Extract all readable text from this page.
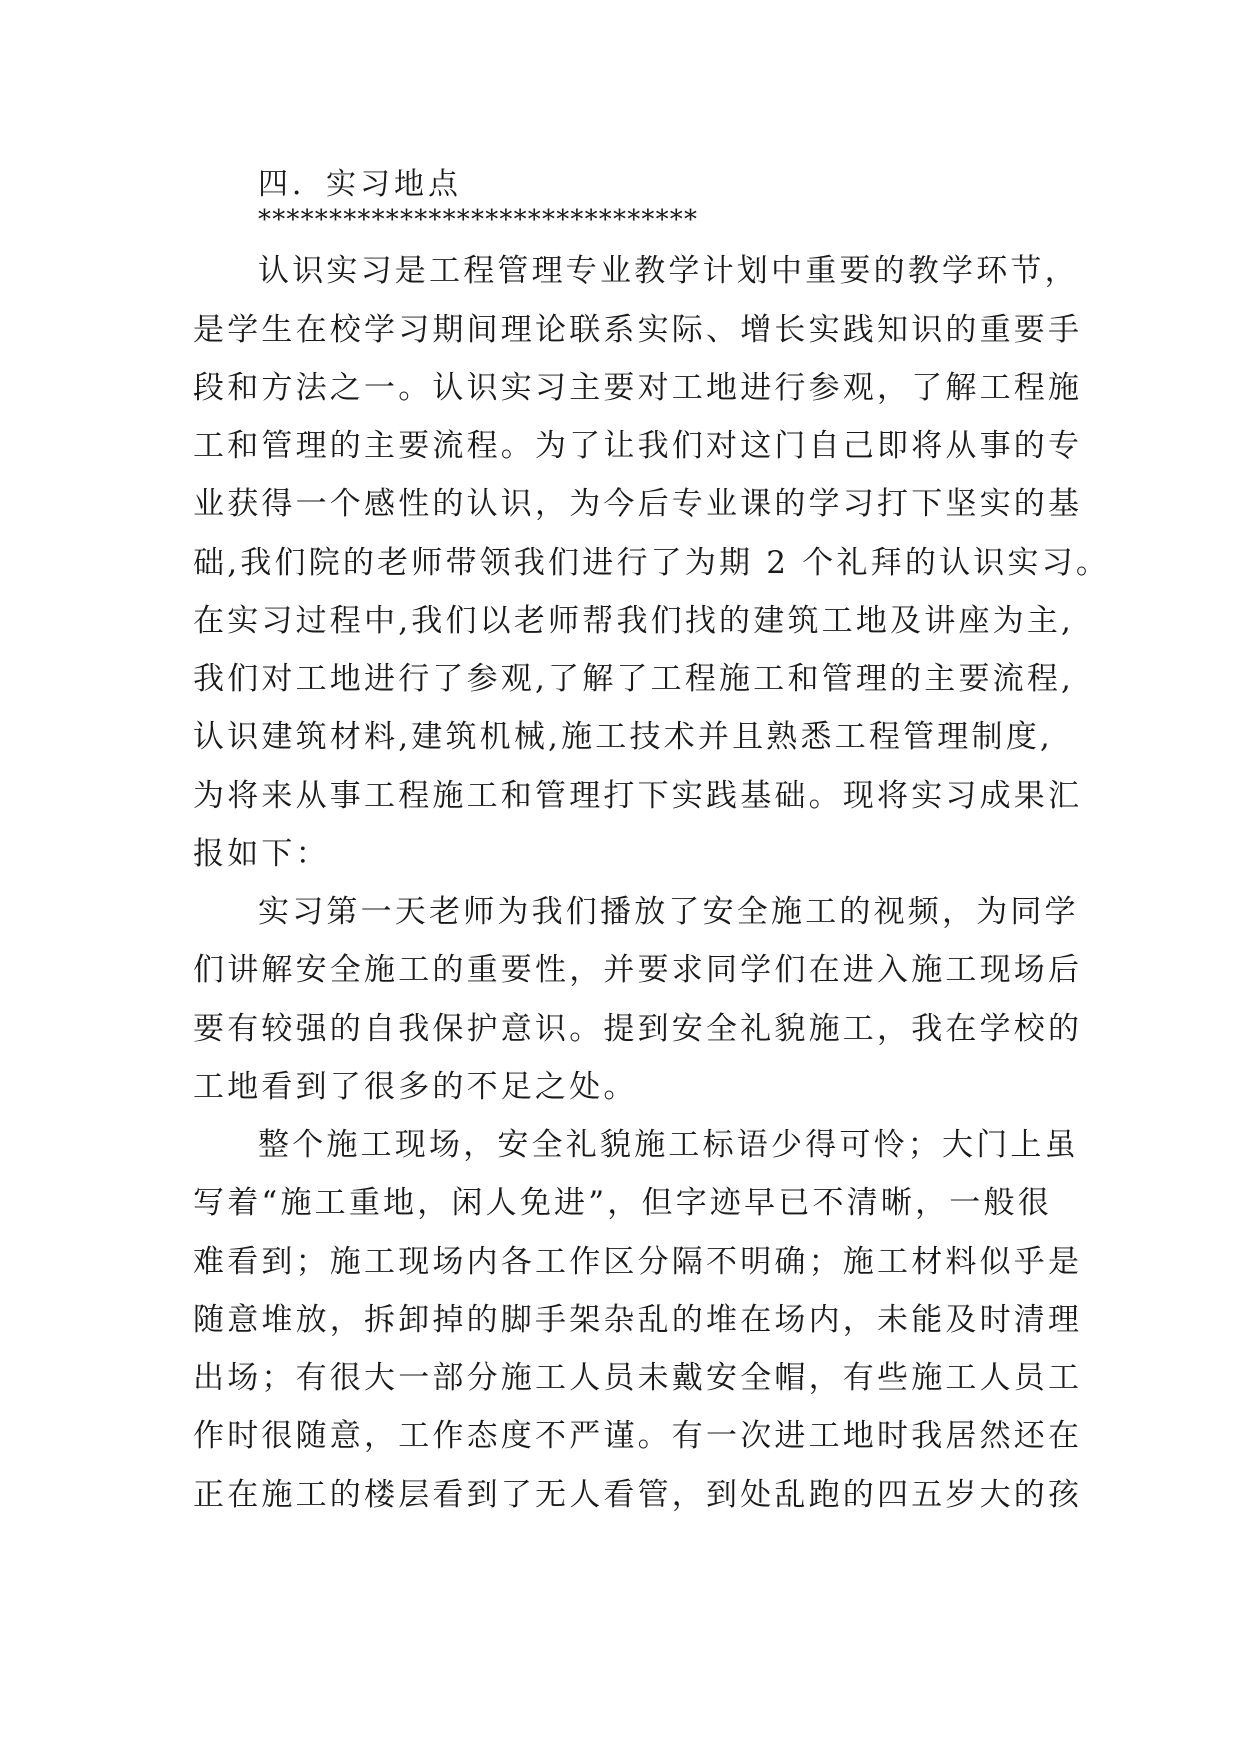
四．实习地点
*******************************
认识实习是工程管理专业教学计划中重要的教学环节，
是学生在校学习期间理论联系实际、增长实践知识的重要手
段和方法之一。认识实习主要对工地进行参观，了解工程施
工和管理的主要流程。为了让我们对这门自己即将从事的专
业获得一个感性的认识，为今后专业课的学习打下坚实的基
础,我们院的老师带领我们进行了为期 2 个礼拜的认识实习。
在实习过程中,我们以老师帮我们找的建筑工地及讲座为主,
我们对工地进行了参观,了解了工程施工和管理的主要流程,
认识建筑材料,建筑机械,施工技术并且熟悉工程管理制度,
为将来从事工程施工和管理打下实践基础。现将实习成果汇
报如下：
实习第一天老师为我们播放了安全施工的视频，为同学
们讲解安全施工的重要性，并要求同学们在进入施工现场后
要有较强的自我保护意识。提到安全礼貌施工，我在学校的
工地看到了很多的不足之处。
整个施工现场，安全礼貌施工标语少得可怜；大门上虽
写着“施工重地，闲人免进”，但字迹早已不清晰，一般很
难看到；施工现场内各工作区分隔不明确；施工材料似乎是
随意堆放，拆卸掉的脚手架杂乱的堆在场内，未能及时清理
出场；有很大一部分施工人员未戴安全帽，有些施工人员工
作时很随意，工作态度不严谨。有一次进工地时我居然还在
正在施工的楼层看到了无人看管，到处乱跑的四五岁大的孩
